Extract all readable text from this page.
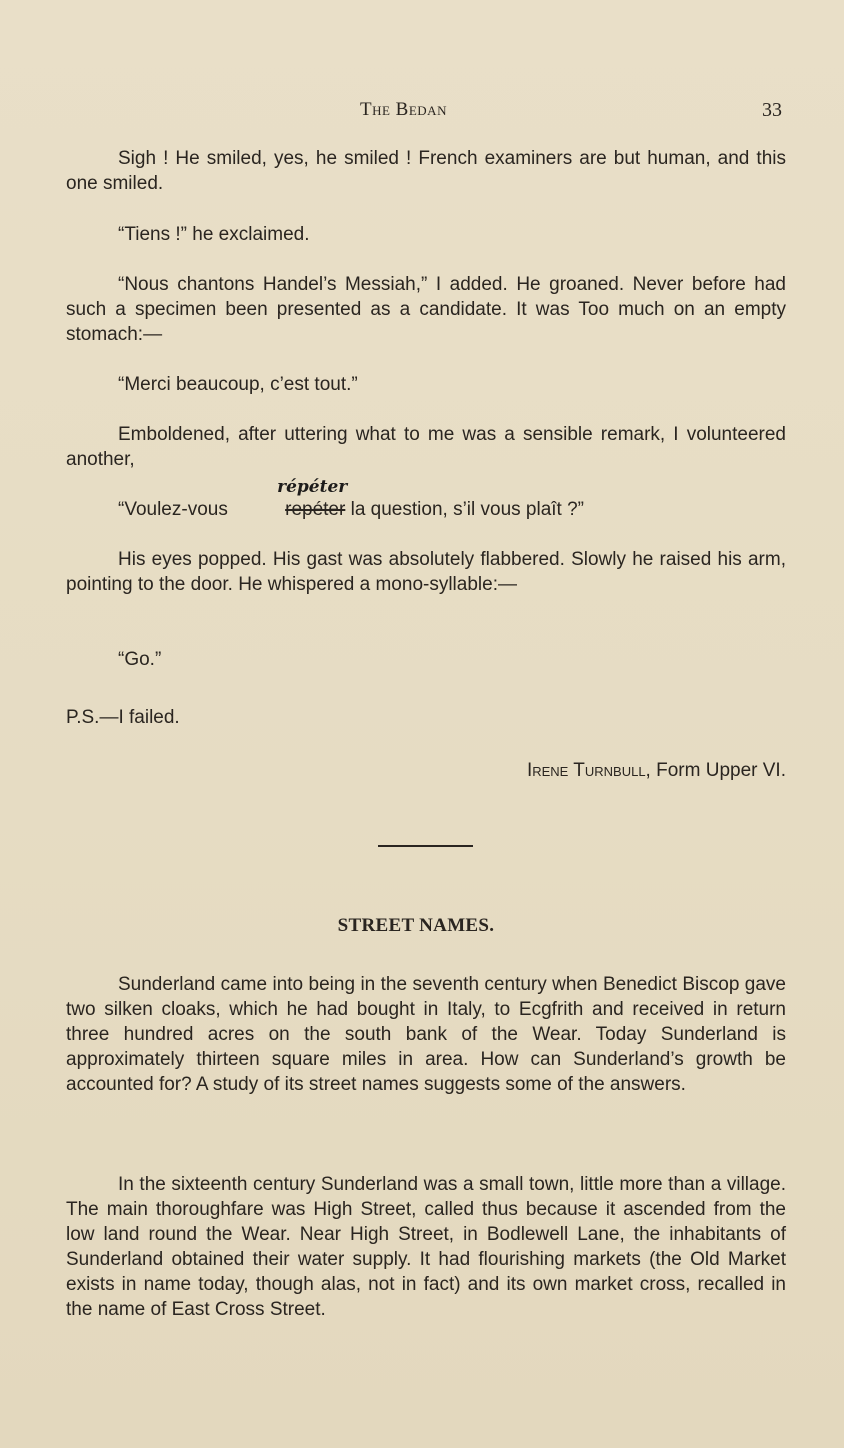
The Bedan	33

Sigh ! He smiled, yes, he smiled ! French examiners are but human, and this one smiled.

“Tiens !” he exclaimed.

“Nous chantons Handel’s Messiah,” I added. He groaned. Never before had such a specimen been presented as a candidate. It was Too much on an empty stomach:—

“Merci beaucoup, c’est tout.”

Emboldened, after uttering what to me was a sensible remark, I volunteered another,

“Voulez-vous
répéter
repéter la question, s’il vous plaît ?”

His eyes popped. His gast was absolutely flabbered. Slowly he raised his arm, pointing to the door. He whispered a mono-syllable:—

“Go.”

P.S.—I failed.

Irene Turnbull, Form Upper VI.
STREET NAMES.

Sunderland came into being in the seventh century when Benedict Biscop gave two silken cloaks, which he had bought in Italy, to Ecgfrith and received in return three hundred acres on the south bank of the Wear. Today Sunderland is approximately thirteen square miles in area. How can Sunderland’s growth be accounted for? A study of its street names suggests some of the answers.

In the sixteenth century Sunderland was a small town, little more than a village. The main thoroughfare was High Street, called thus because it ascended from the low land round the Wear. Near High Street, in Bodlewell Lane, the inhabitants of Sunderland obtained their water supply. It had flourishing markets (the Old Market exists in name today, though alas, not in fact) and its own market cross, recalled in the name of East Cross Street.
